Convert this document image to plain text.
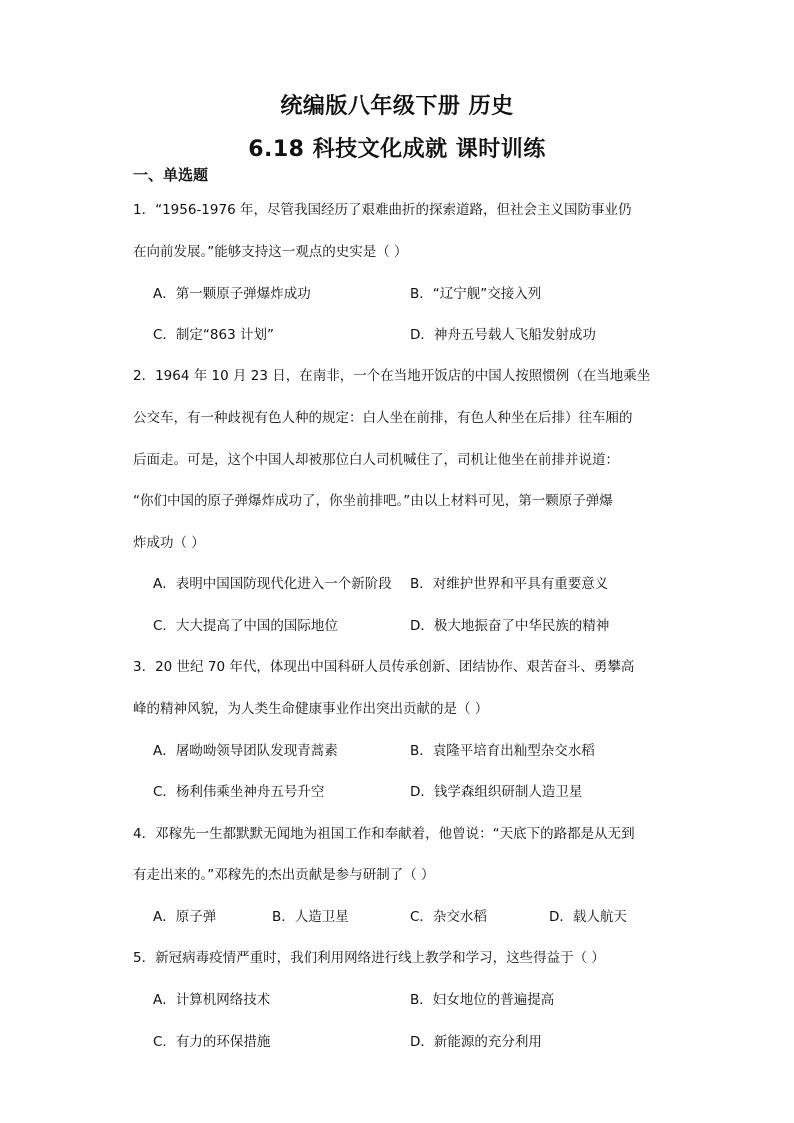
统编版八年级下册 历史
6.18 科技文化成就 课时训练
一、单选题
1．“1956-1976 年，尽管我国经历了艰难曲折的探索道路，但社会主义国防事业仍
在向前发展。”能够支持这一观点的史实是（ ）
A．第一颗原子弹爆炸成功	B．“辽宁舰”交接入列
C．制定“863 计划”	D．神舟五号载人飞船发射成功
2．1964 年 10 月 23 日，在南非，一个在当地开饭店的中国人按照惯例（在当地乘坐
公交车，有一种歧视有色人种的规定：白人坐在前排，有色人种坐在后排）往车厢的
后面走。可是，这个中国人却被那位白人司机喊住了，司机让他坐在前排并说道：
“你们中国的原子弹爆炸成功了，你坐前排吧。”由以上材料可见，第一颗原子弹爆
炸成功（ ）
A．表明中国国防现代化进入一个新阶段 B．对维护世界和平具有重要意义
C．大大提高了中国的国际地位	D．极大地振奋了中华民族的精神
3．20 世纪 70 年代，体现出中国科研人员传承创新、团结协作、艰苦奋斗、勇攀高
峰的精神风貌，为人类生命健康事业作出突出贡献的是（ ）
A．屠呦呦领导团队发现青蒿素	B．袁隆平培育出籼型杂交水稻
C．杨利伟乘坐神舟五号升空	D．钱学森组织研制人造卫星
4．邓稼先一生都默默无闻地为祖国工作和奉献着，他曾说：“天底下的路都是从无到
有走出来的。”邓稼先的杰出贡献是参与研制了（ ）
A．原子弹	B．人造卫星	C．杂交水稻	D．载人航天
5．新冠病毒疫情严重时，我们利用网络进行线上教学和学习，这些得益于（ ）
A．计算机网络技术	B．妇女地位的普遍提高
C．有力的环保措施	D．新能源的充分利用
